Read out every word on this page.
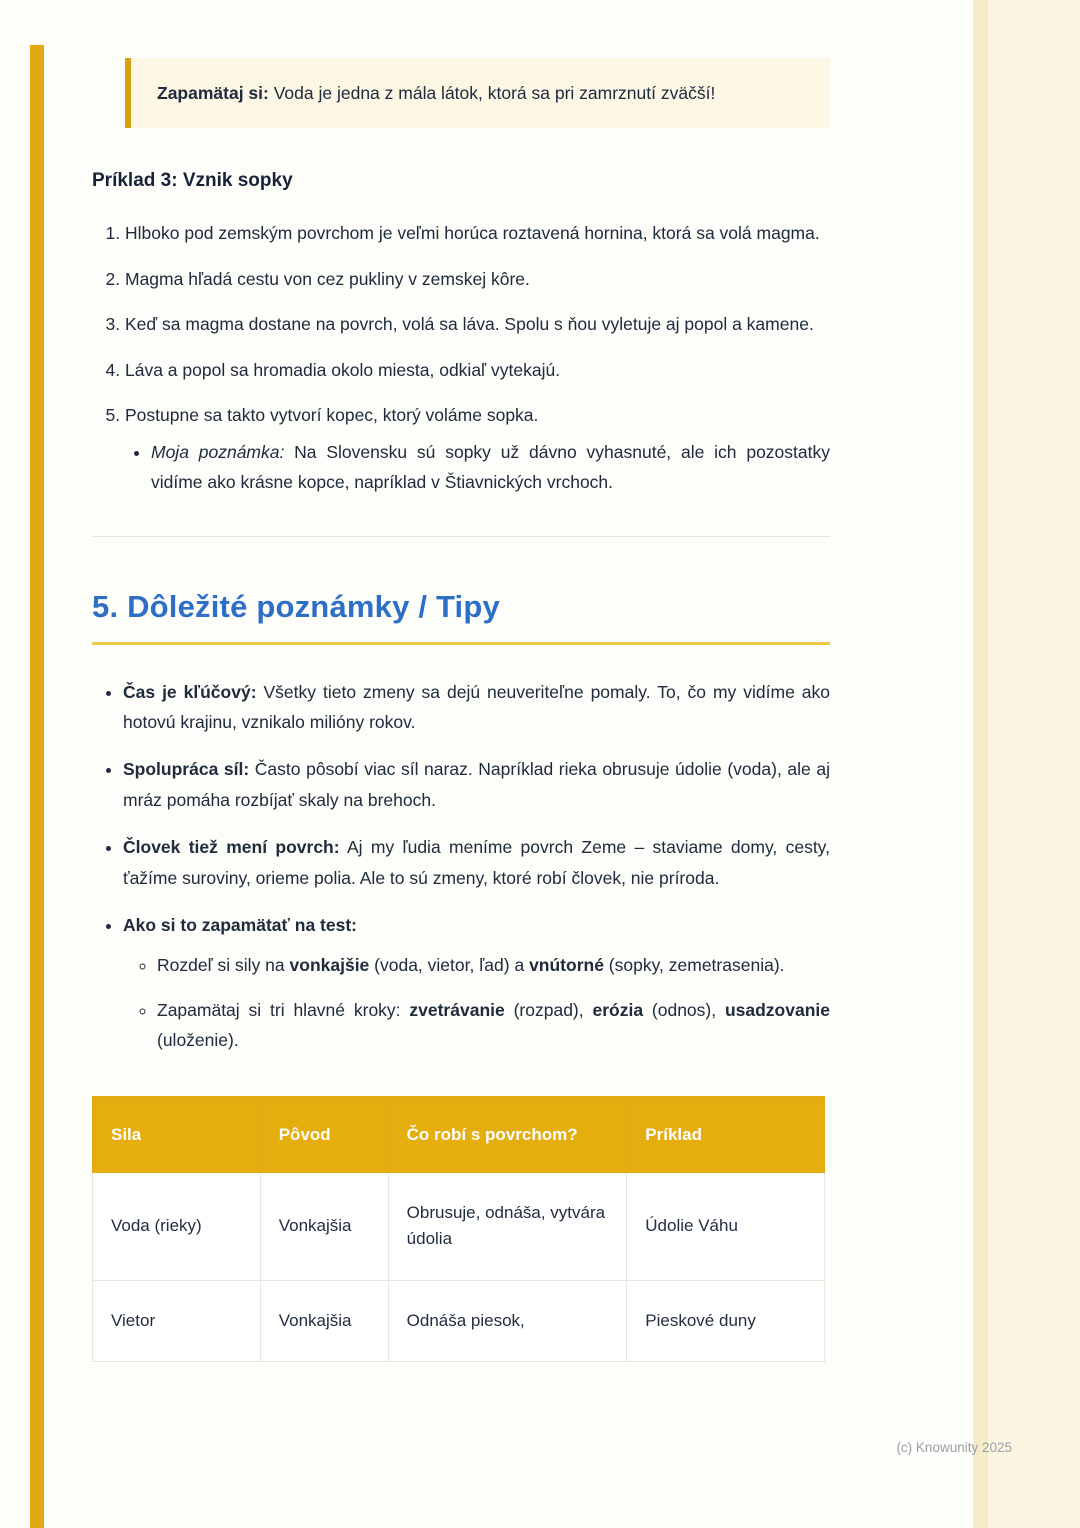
Zapamätaj si: Voda je jedna z mála látok, ktorá sa pri zamrznutí zväčší!
Príklad 3: Vznik sopky
1. Hlboko pod zemským povrchom je veľmi horúca roztavená hornina, ktorá sa volá magma.
2. Magma hľadá cestu von cez pukliny v zemskej kôre.
3. Keď sa magma dostane na povrch, volá sa láva. Spolu s ňou vyletuje aj popol a kamene.
4. Láva a popol sa hromadia okolo miesta, odkiaľ vytekajú.
5. Postupne sa takto vytvorí kopec, ktorý voláme sopka.
• Moja poznámka: Na Slovensku sú sopky už dávno vyhasnuté, ale ich pozostatky vidíme ako krásne kopce, napríklad v Štiavnických vrchoch.
5. Dôležité poznámky / Tipy
• Čas je kľúčový: Všetky tieto zmeny sa dejú neuveriteľne pomaly. To, čo my vidíme ako hotovú krajinu, vznikalo milióny rokov.
• Spolupráca síl: Často pôsobí viac síl naraz. Napríklad rieka obrusuje údolie (voda), ale aj mráz pomáha rozbíjať skaly na brehoch.
• Človek tiež mení povrch: Aj my ľudia meníme povrch Zeme – staviame domy, cesty, ťažíme suroviny, orieme polia. Ale to sú zmeny, ktoré robí človek, nie príroda.
• Ako si to zapamätať na test:
◦ Rozdeľ si sily na vonkajšie (voda, vietor, ľad) a vnútorné (sopky, zemetrasenia).
◦ Zapamätaj si tri hlavné kroky: zvetrávanie (rozpad), erózia (odnos), usadzovanie (uloženie).
Sila	Pôvod	Čo robí s povrchom?	Príklad
Voda (rieky)	Vonkajšia	Obrusuje, odnáša, vytvára údolia	Údolie Váhu
Vietor	Vonkajšia	Odnáša piesok,	Pieskové duny
(c) Knowunity 2025
